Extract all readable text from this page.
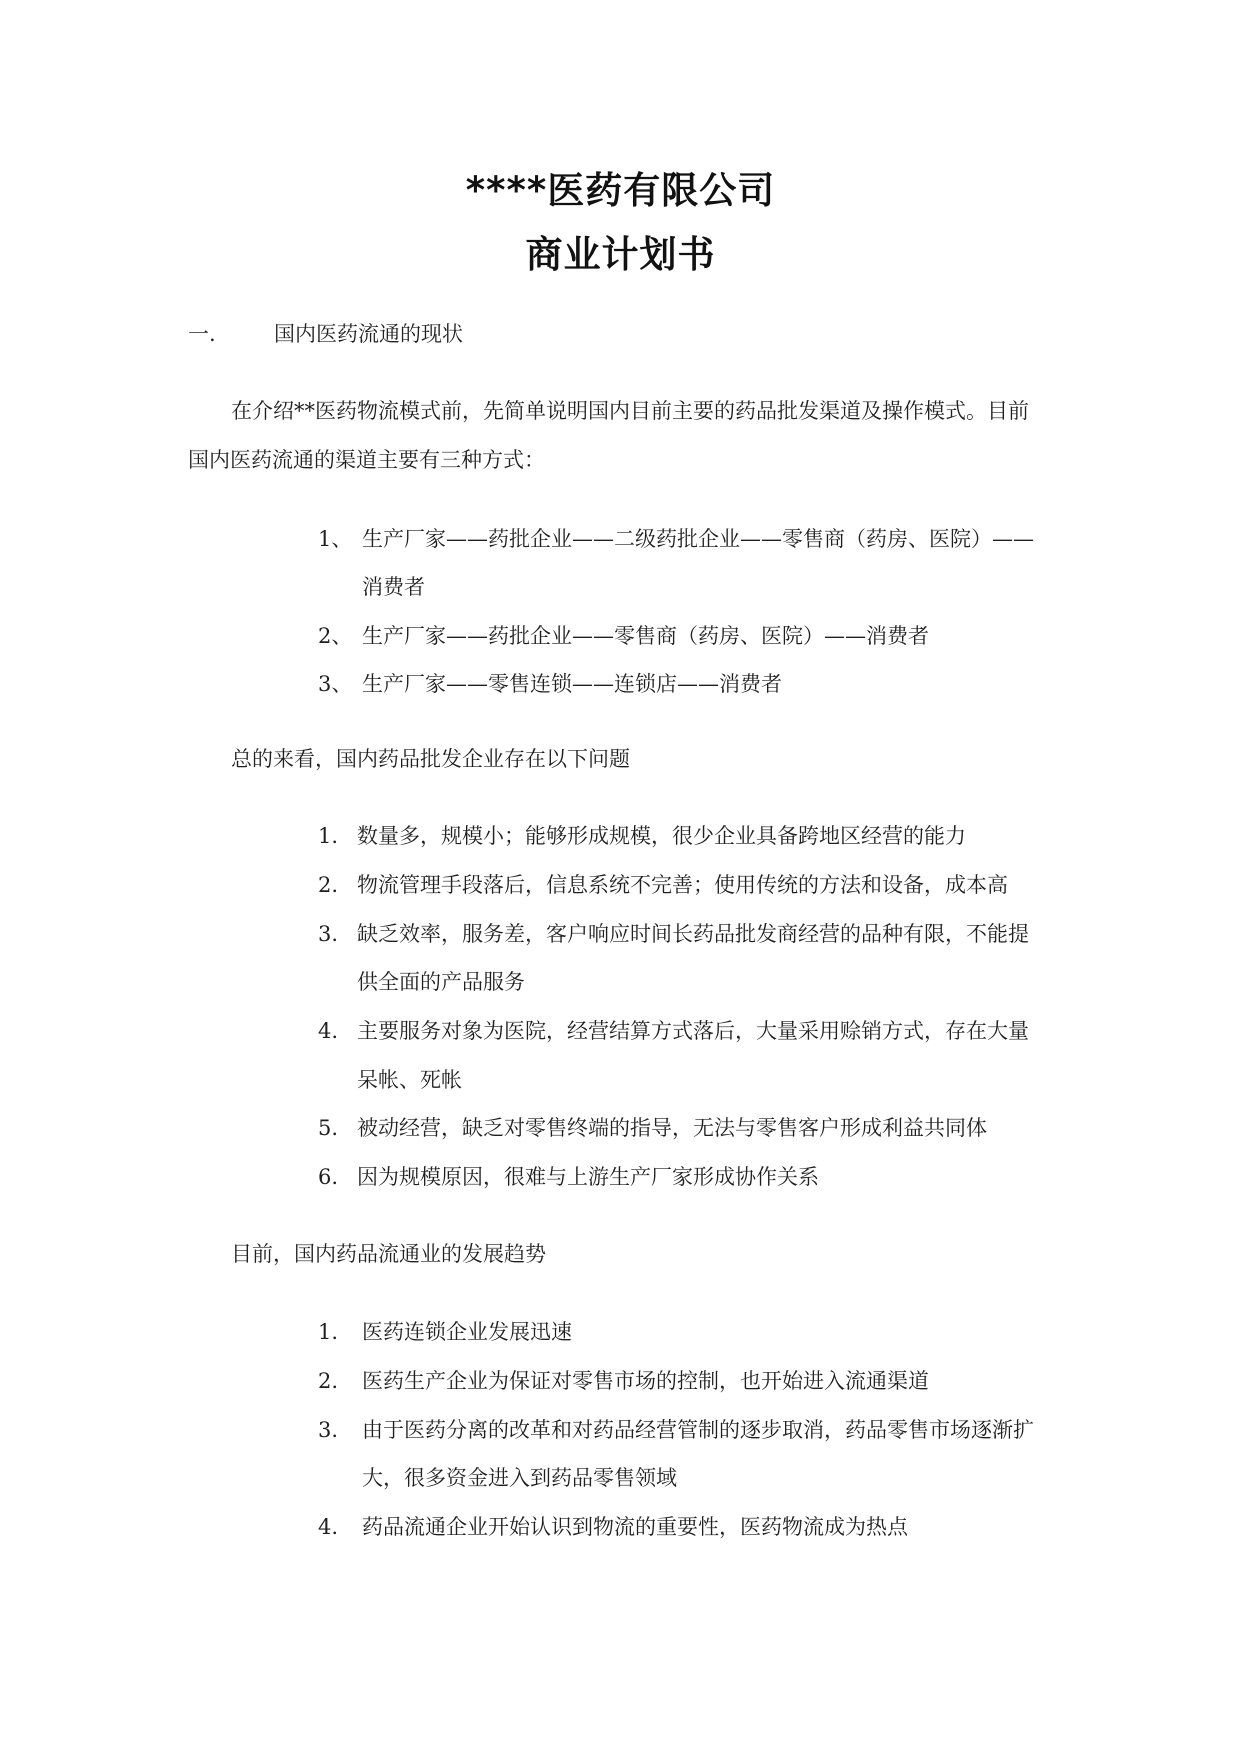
****医药有限公司
商业计划书
一.	国内医药流通的现状
在介绍**医药物流模式前，先简单说明国内目前主要的药品批发渠道及操作模式。目前
国内医药流通的渠道主要有三种方式：
1、 生产厂家——药批企业——二级药批企业——零售商（药房、医院）——
消费者
2、 生产厂家——药批企业——零售商（药房、医院）——消费者
3、 生产厂家——零售连锁——连锁店——消费者
总的来看，国内药品批发企业存在以下问题
1. 数量多，规模小；能够形成规模，很少企业具备跨地区经营的能力
2. 物流管理手段落后，信息系统不完善；使用传统的方法和设备，成本高
3. 缺乏效率，服务差，客户响应时间长药品批发商经营的品种有限，不能提
供全面的产品服务
4. 主要服务对象为医院，经营结算方式落后，大量采用赊销方式，存在大量
呆帐、死帐
5. 被动经营，缺乏对零售终端的指导，无法与零售客户形成利益共同体
6. 因为规模原因，很难与上游生产厂家形成协作关系
目前，国内药品流通业的发展趋势
1. 医药连锁企业发展迅速
2. 医药生产企业为保证对零售市场的控制，也开始进入流通渠道
3. 由于医药分离的改革和对药品经营管制的逐步取消，药品零售市场逐渐扩
大，很多资金进入到药品零售领域
4. 药品流通企业开始认识到物流的重要性，医药物流成为热点
